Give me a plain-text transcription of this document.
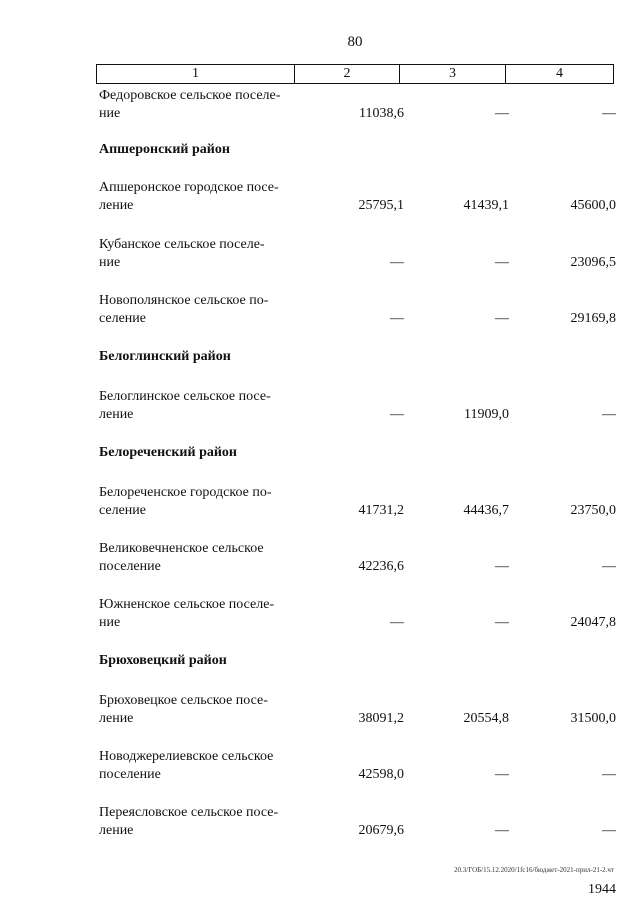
80
1	2	3	4
Федоровское сельское поселе-
ние	11038,6	—	—
Апшеронский район
Апшеронское городское посе-
ление	25795,1	41439,1	45600,0
Кубанское сельское поселе-
ние	—	—	23096,5
Новополянское сельское по-
селение	—	—	29169,8
Белоглинский район
Белоглинское сельское посе-
ление	—	11909,0	—
Белореченский район
Белореченское городское по-
селение	41731,2	44436,7	23750,0
Великовечненское сельское
поселение	42236,6	—	—
Южненское сельское поселе-
ние	—	—	24047,8
Брюховецкий район
Брюховецкое сельское посе-
ление	38091,2	20554,8	31500,0
Новоджерелиевское сельское
поселение	42598,0	—	—
Переясловское сельское посе-
ление	20679,6	—	—
20.3/ГОБ/15.12.2020/1fc16/бюджет-2021-прил-21-2.чт
1944
